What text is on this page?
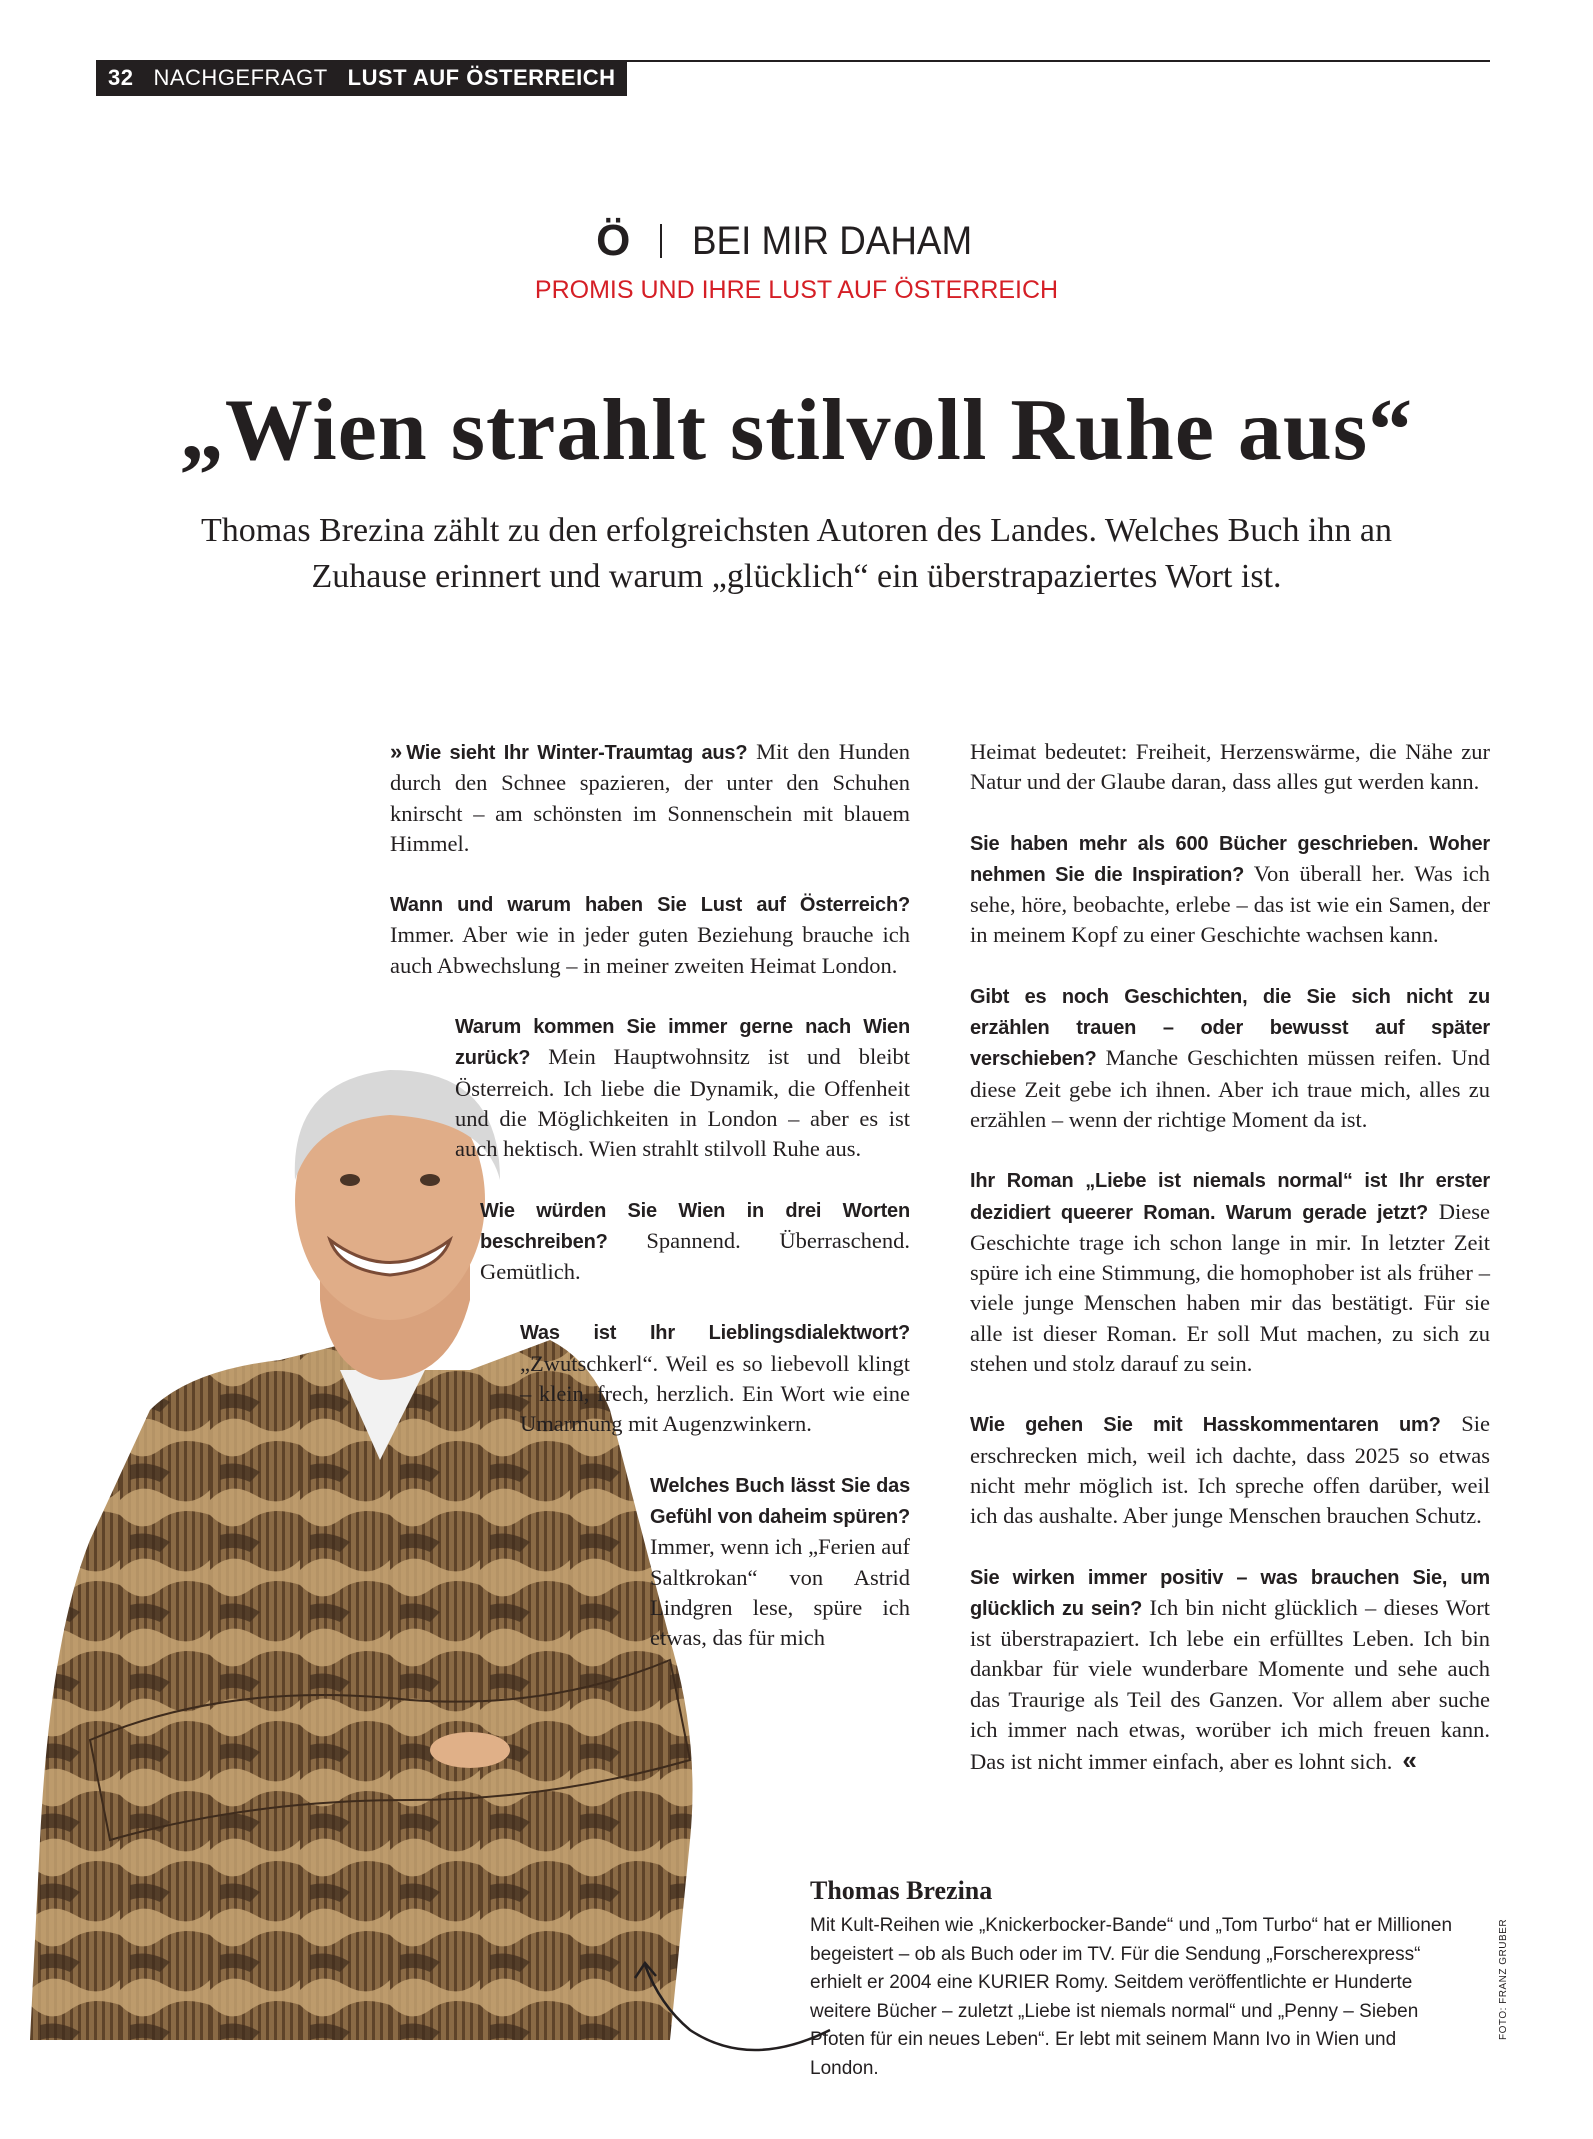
32 NACHGEFRAGT LUST AUF ÖSTERREICH
Ö BEI MIR DAHAM
PROMIS UND IHRE LUST AUF ÖSTERREICH
„Wien strahlt stilvoll Ruhe aus“
Thomas Brezina zählt zu den erfolgreichsten Autoren des Landes. Welches Buch ihn an Zuhause erinnert und warum „glücklich“ ein überstrapaziertes Wort ist.

» Wie sieht Ihr Winter-Traumtag aus? Mit den Hunden durch den Schnee spazieren, der unter den Schuhen knirscht – am schönsten im Sonnenschein mit blauem Himmel.

Wann und warum haben Sie Lust auf Österreich? Immer. Aber wie in jeder guten Beziehung brauche ich auch Abwechslung – in meiner zweiten Heimat London.

Warum kommen Sie immer gerne nach Wien zurück? Mein Hauptwohnsitz ist und bleibt Österreich. Ich liebe die Dynamik, die Offenheit und die Möglichkeiten in London – aber es ist auch hektisch. Wien strahlt stilvoll Ruhe aus.

Wie würden Sie Wien in drei Worten beschreiben? Spannend. Überraschend. Gemütlich.

Was ist Ihr Lieblingsdialektwort? „Zwutschkerl“. Weil es so liebevoll klingt – klein, frech, herzlich. Ein Wort wie eine Umarmung mit Augenzwinkern.

Welches Buch lässt Sie das Gefühl von daheim spüren? Immer, wenn ich „Ferien auf Saltkrokan“ von Astrid Lindgren lese, spüre ich etwas, das für mich

Heimat bedeutet: Freiheit, Herzenswärme, die Nähe zur Natur und der Glaube daran, dass alles gut werden kann.

Sie haben mehr als 600 Bücher geschrieben. Woher nehmen Sie die Inspiration? Von überall her. Was ich sehe, höre, beobachte, erlebe – das ist wie ein Samen, der in meinem Kopf zu einer Geschichte wachsen kann.

Gibt es noch Geschichten, die Sie sich nicht zu erzählen trauen – oder bewusst auf später verschieben? Manche Geschichten müssen reifen. Und diese Zeit gebe ich ihnen. Aber ich traue mich, alles zu erzählen – wenn der richtige Moment da ist.

Ihr Roman „Liebe ist niemals normal“ ist Ihr erster dezidiert queerer Roman. Warum gerade jetzt? Diese Geschichte trage ich schon lange in mir. In letzter Zeit spüre ich eine Stimmung, die homophober ist als früher – viele junge Menschen haben mir das bestätigt. Für sie alle ist dieser Roman. Er soll Mut machen, zu sich zu stehen und stolz darauf zu sein.

Wie gehen Sie mit Hasskommentaren um? Sie erschrecken mich, weil ich dachte, dass 2025 so etwas nicht mehr möglich ist. Ich spreche offen darüber, weil ich das aushalte. Aber junge Menschen brauchen Schutz.

Sie wirken immer positiv – was brauchen Sie, um glücklich zu sein? Ich bin nicht glücklich – dieses Wort ist überstrapaziert. Ich lebe ein erfülltes Leben. Ich bin dankbar für viele wunderbare Momente und sehe auch das Traurige als Teil des Ganzen. Vor allem aber suche ich immer nach etwas, worüber ich mich freuen kann. Das ist nicht immer einfach, aber es lohnt sich. «

Thomas Brezina
Mit Kult-Reihen wie „Knickerbocker-Bande“ und „Tom Turbo“ hat er Millionen begeistert – ob als Buch oder im TV. Für die Sendung „Forscherexpress“ erhielt er 2004 eine KURIER Romy. Seitdem veröffentlichte er Hunderte weitere Bücher – zuletzt „Liebe ist niemals normal“ und „Penny – Sieben Pfoten für ein neues Leben“. Er lebt mit seinem Mann Ivo in Wien und London.
FOTO: FRANZ GRUBER
